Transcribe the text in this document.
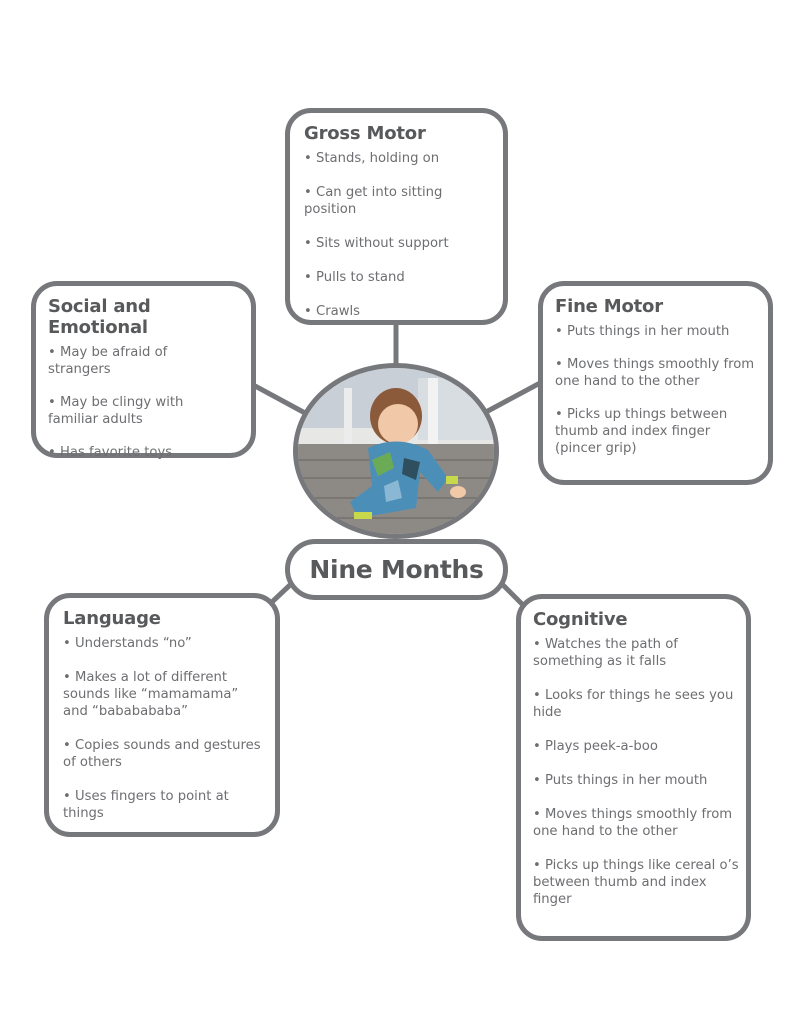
Gross Motor
• Stands, holding on
• Can get into sitting position
• Sits without support
• Pulls to stand
• Crawls
Social and Emotional
• May be afraid of strangers
• May be clingy with familiar adults
• Has favorite toys
Fine Motor
• Puts things in her mouth
• Moves things smoothly from one hand to the other
• Picks up things between thumb and index finger (pincer grip)
Nine Months
Language
• Understands “no”
• Makes a lot of different sounds like “mamamama” and “bababababa”
• Copies sounds and gestures of others
• Uses fingers to point at things
Cognitive
• Watches the path of something as it falls
• Looks for things he sees you hide
• Plays peek-a-boo
• Puts things in her mouth
• Moves things smoothly from one hand to the other
• Picks up things like cereal o’s between thumb and index finger
